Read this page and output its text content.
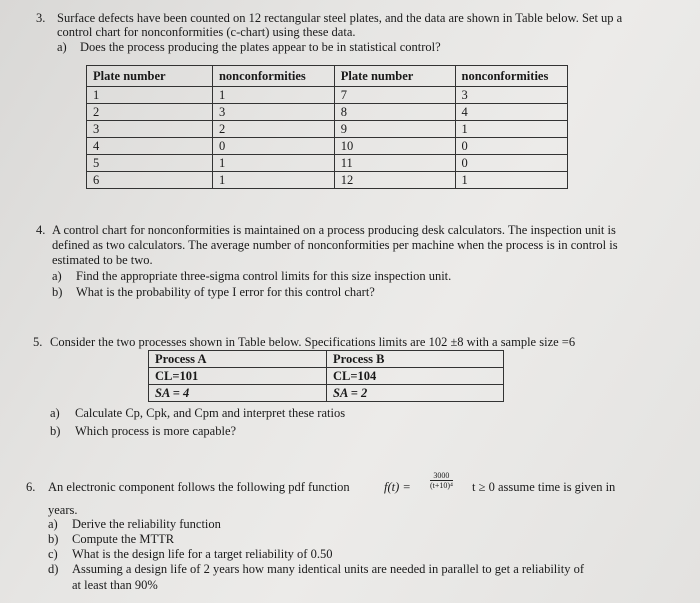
3. Surface defects have been counted on 12 rectangular steel plates, and the data are shown in Table below. Set up a
control chart for nonconformities (c-chart) using these data.
a) Does the process producing the plates appear to be in statistical control?
Plate number	nonconformities	Plate number	nonconformities
1	1	7	3
2	3	8	4
3	2	9	1
4	0	10	0
5	1	11	0
6	1	12	1
4. A control chart for nonconformities is maintained on a process producing desk calculators. The inspection unit is
defined as two calculators. The average number of nonconformities per machine when the process is in control is
estimated to be two.
a) Find the appropriate three-sigma control limits for this size inspection unit.
b) What is the probability of type I error for this control chart?
5. Consider the two processes shown in Table below. Specifications limits are 102 ±8 with a sample size =6
Process A	Process B
CL=101	CL=104
SA = 4	SA = 2
a) Calculate Cp, Cpk, and Cpm and interpret these ratios
b) Which process is more capable?
6. An electronic component follows the following pdf function	$f(t) = \frac{3000}{\text{(t+10)⁴}}$ t ≥ 0 assume time is given in
years.
a) Derive the reliability function
b) Compute the MTTR
c) What is the design life for a target reliability of 0.50
d) Assuming a design life of 2 years how many identical units are needed in parallel to get a reliability of
at least than 90%
